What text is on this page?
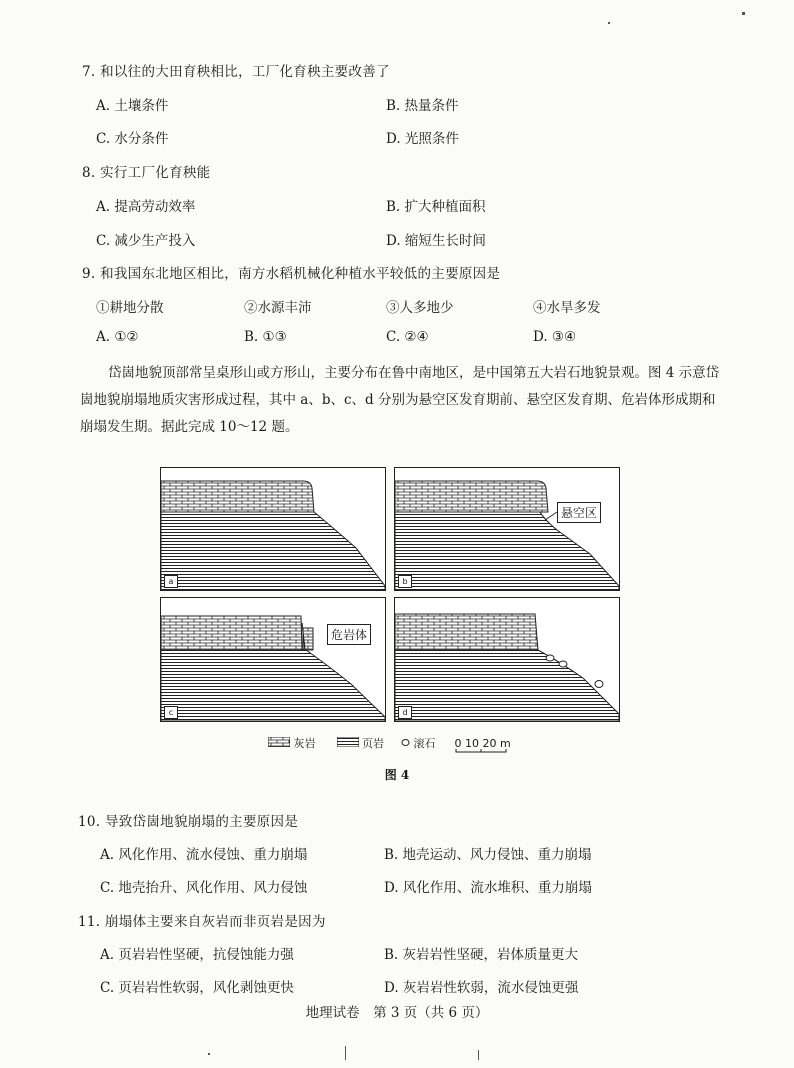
7. 和以往的大田育秧相比，工厂化育秧主要改善了
A. 土壤条件	B. 热量条件
C. 水分条件	D. 光照条件
8. 实行工厂化育秧能
A. 提高劳动效率	B. 扩大种植面积
C. 减少生产投入	D. 缩短生长时间
9. 和我国东北地区相比，南方水稻机械化种植水平较低的主要原因是
①耕地分散	②水源丰沛	③人多地少	④水旱多发
A. ①②	B. ①③	C. ②④	D. ③④
岱崮地貌顶部常呈桌形山或方形山，主要分布在鲁中南地区，是中国第五大岩石地貌景观。图 4 示意岱崮地貌崩塌地质灾害形成过程，其中 a、b、c、d 分别为悬空区发育期前、悬空区发育期、危岩体形成期和崩塌发生期。据此完成 10～12 题。
a	b
悬空区
c
危岩体
d
灰岩	页岩	滚石 0 10 20 m
图 4
10. 导致岱崮地貌崩塌的主要原因是
A. 风化作用、流水侵蚀、重力崩塌	B. 地壳运动、风力侵蚀、重力崩塌
C. 地壳抬升、风化作用、风力侵蚀	D. 风化作用、流水堆积、重力崩塌
11. 崩塌体主要来自灰岩而非页岩是因为
A. 页岩岩性坚硬，抗侵蚀能力强	B. 灰岩岩性坚硬，岩体质量更大
C. 页岩岩性软弱，风化剥蚀更快	D. 灰岩岩性软弱，流水侵蚀更强
地理试卷　第 3 页（共 6 页）
